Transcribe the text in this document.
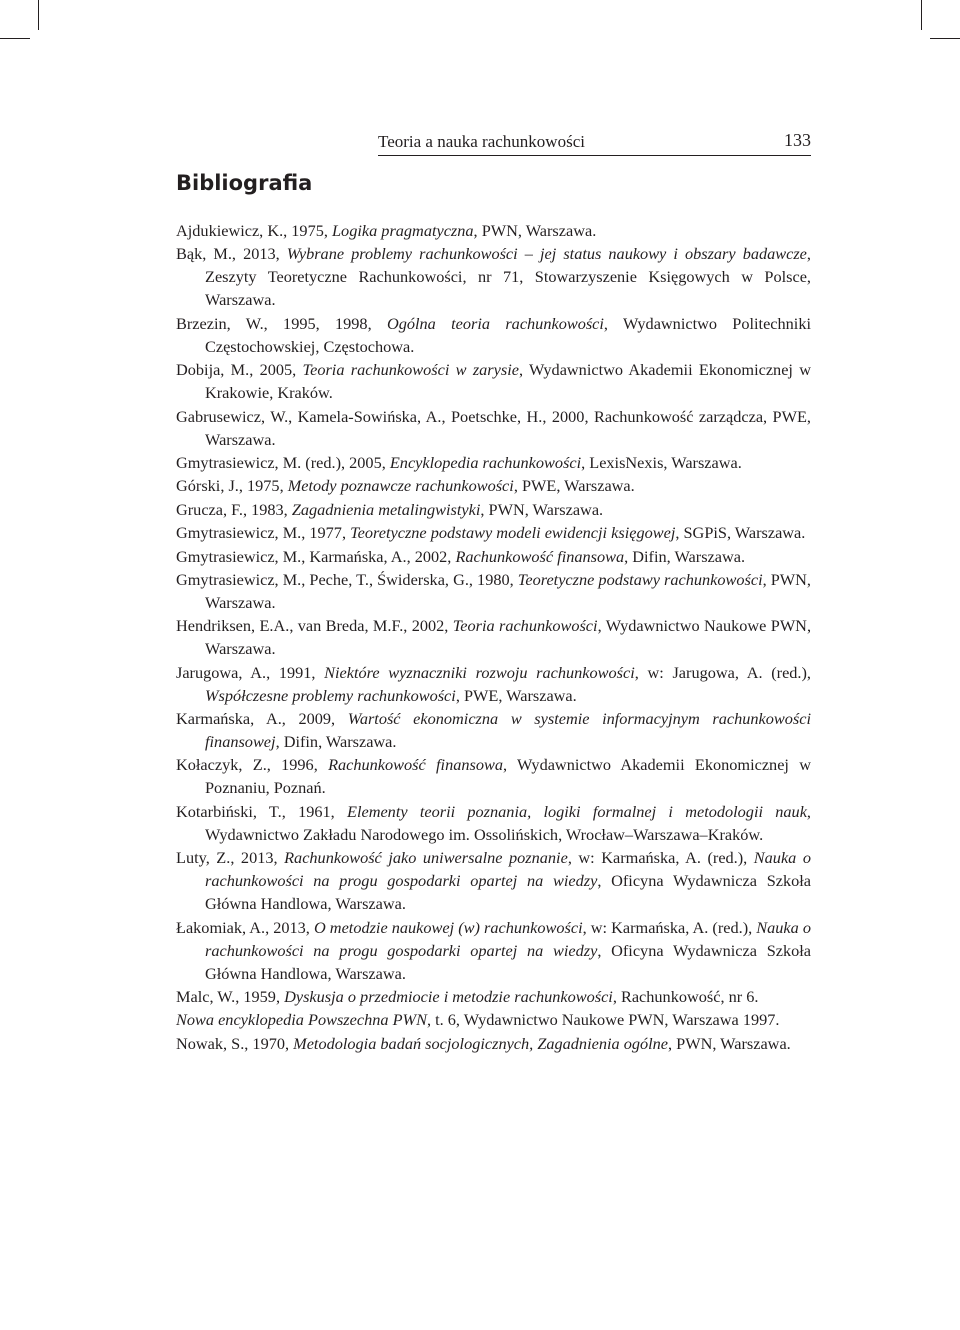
Teoria a nauka rachunkowości	133
Bibliografia
Ajdukiewicz, K., 1975, Logika pragmatyczna, PWN, Warszawa.
Bąk, M., 2013, Wybrane problemy rachunkowości – jej status naukowy i obszary badawcze, Zeszyty Teoretyczne Rachunkowości, nr 71, Stowarzyszenie Księgowych w Polsce, Warszawa.
Brzezin, W., 1995, 1998, Ogólna teoria rachunkowości, Wydawnictwo Politechniki Częstochowskiej, Częstochowa.
Dobija, M., 2005, Teoria rachunkowości w zarysie, Wydawnictwo Akademii Ekonomicznej w Krakowie, Kraków.
Gabrusewicz, W., Kamela-Sowińska, A., Poetschke, H., 2000, Rachunkowość zarządcza, PWE, Warszawa.
Gmytrasiewicz, M. (red.), 2005, Encyklopedia rachunkowości, LexisNexis, Warszawa.
Górski, J., 1975, Metody poznawcze rachunkowości, PWE, Warszawa.
Grucza, F., 1983, Zagadnienia metalingwistyki, PWN, Warszawa.
Gmytrasiewicz, M., 1977, Teoretyczne podstawy modeli ewidencji księgowej, SGPiS, Warszawa.
Gmytrasiewicz, M., Karmańska, A., 2002, Rachunkowość finansowa, Difin, Warszawa.
Gmytrasiewicz, M., Peche, T., Świderska, G., 1980, Teoretyczne podstawy rachunkowości, PWN, Warszawa.
Hendriksen, E.A., van Breda, M.F., 2002, Teoria rachunkowości, Wydawnictwo Naukowe PWN, Warszawa.
Jarugowa, A., 1991, Niektóre wyznaczniki rozwoju rachunkowości, w: Jarugowa, A. (red.), Współczesne problemy rachunkowości, PWE, Warszawa.
Karmańska, A., 2009, Wartość ekonomiczna w systemie informacyjnym rachunkowości finansowej, Difin, Warszawa.
Kołaczyk, Z., 1996, Rachunkowość finansowa, Wydawnictwo Akademii Ekonomicznej w Poznaniu, Poznań.
Kotarbiński, T., 1961, Elementy teorii poznania, logiki formalnej i metodologii nauk, Wydawnictwo Zakładu Narodowego im. Ossolińskich, Wrocław–Warszawa–Kraków.
Luty, Z., 2013, Rachunkowość jako uniwersalne poznanie, w: Karmańska, A. (red.), Nauka o rachunkowości na progu gospodarki opartej na wiedzy, Oficyna Wydawnicza Szkoła Główna Handlowa, Warszawa.
Łakomiak, A., 2013, O metodzie naukowej (w) rachunkowości, w: Karmańska, A. (red.), Nauka o rachunkowości na progu gospodarki opartej na wiedzy, Oficyna Wydawnicza Szkoła Główna Handlowa, Warszawa.
Malc, W., 1959, Dyskusja o przedmiocie i metodzie rachunkowości, Rachunkowość, nr 6.
Nowa encyklopedia Powszechna PWN, t. 6, Wydawnictwo Naukowe PWN, Warszawa 1997.
Nowak, S., 1970, Metodologia badań socjologicznych, Zagadnienia ogólne, PWN, Warszawa.
